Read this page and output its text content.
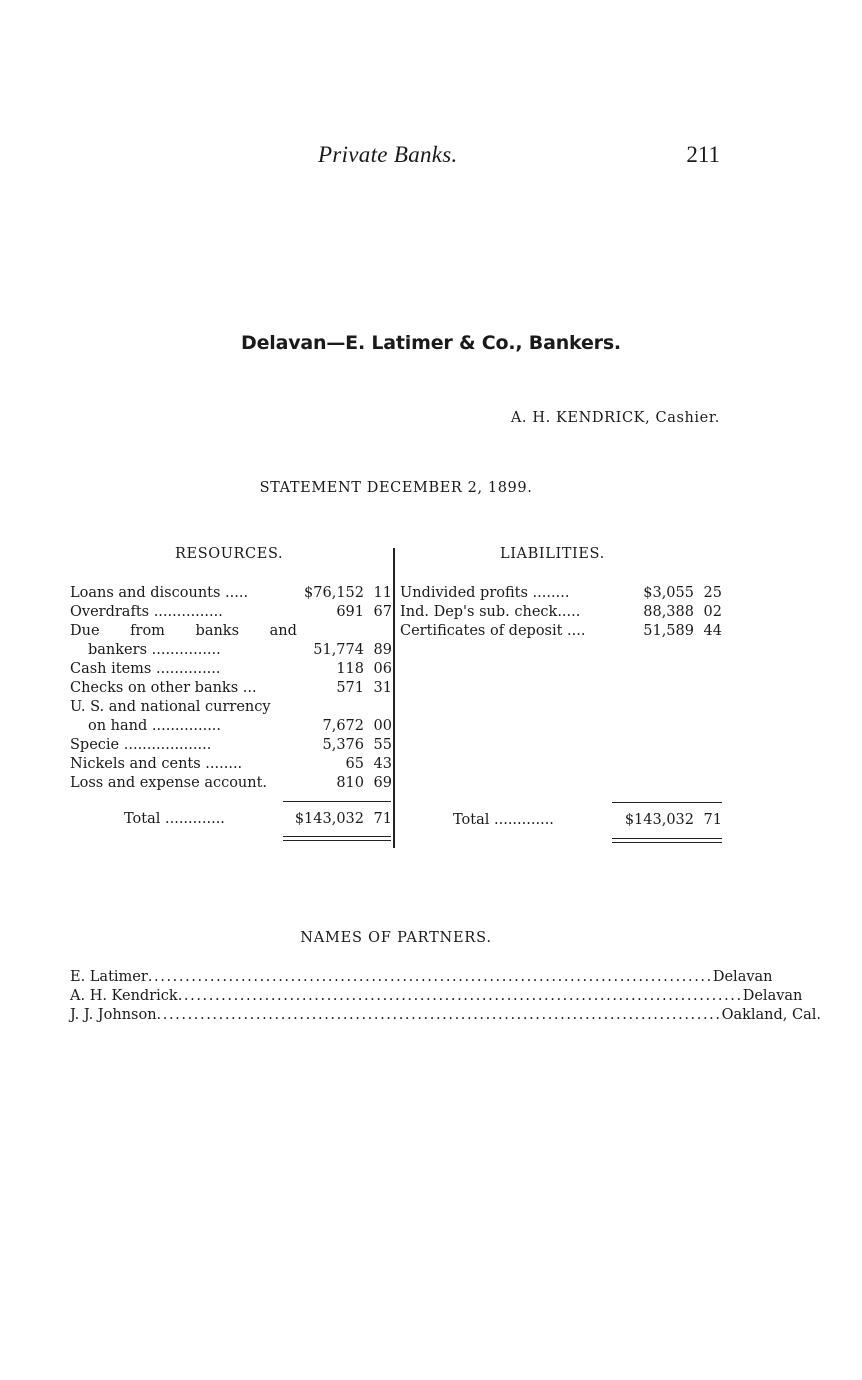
Private Banks.	211
Delavan—E. Latimer & Co., Bankers.
A. H. KENDRICK, Cashier.
STATEMENT DECEMBER 2, 1899.
RESOURCES.	LIABILITIES.
Loans and discounts .....	$76,152 11
Overdrafts ...............	691 67
Due from banks and
bankers ...............	51,774 89
Cash items ..............	118 06
Checks on other banks ...	571 31
U. S. and national currency
on hand ...............	7,672 00
Specie ...................	5,376 55
Nickels and cents ........	65 43
Loss and expense account.	810 69
Total .............	$143,032 71
Undivided profits ........	$3,055 25
Ind. Dep's sub. check.....	88,388 02
Certificates of deposit ....	51,589 44
Total .............	$143,032 71
NAMES OF PARTNERS.
E. Latimer ........................................................................................... Delavan
A. H. Kendrick ........................................................................................... Delavan
J. J. Johnson ........................................................................................... Oakland, Cal.
